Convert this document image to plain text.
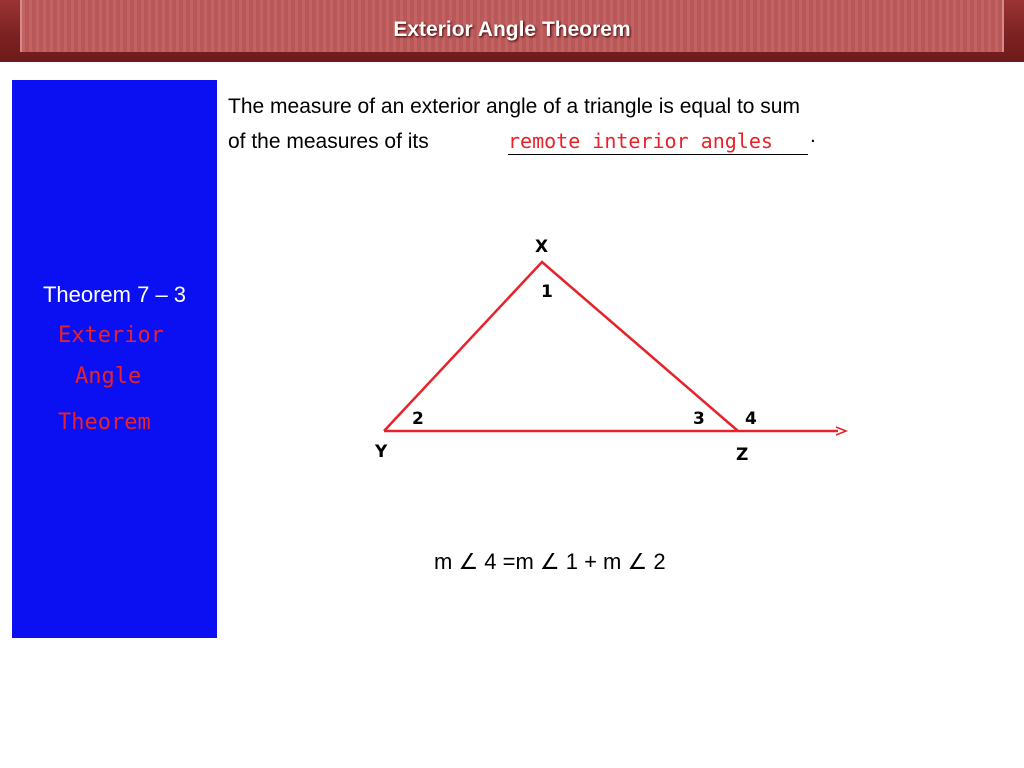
Exterior Angle Theorem
Theorem 7 – 3
Exterior
Angle
Theorem
The measure of an exterior angle of a triangle is equal to sum
of the measures of its	remote interior angles .
X
1
2	3 4
Y	Z
m ∠ 4 =m ∠ 1 + m ∠ 2
